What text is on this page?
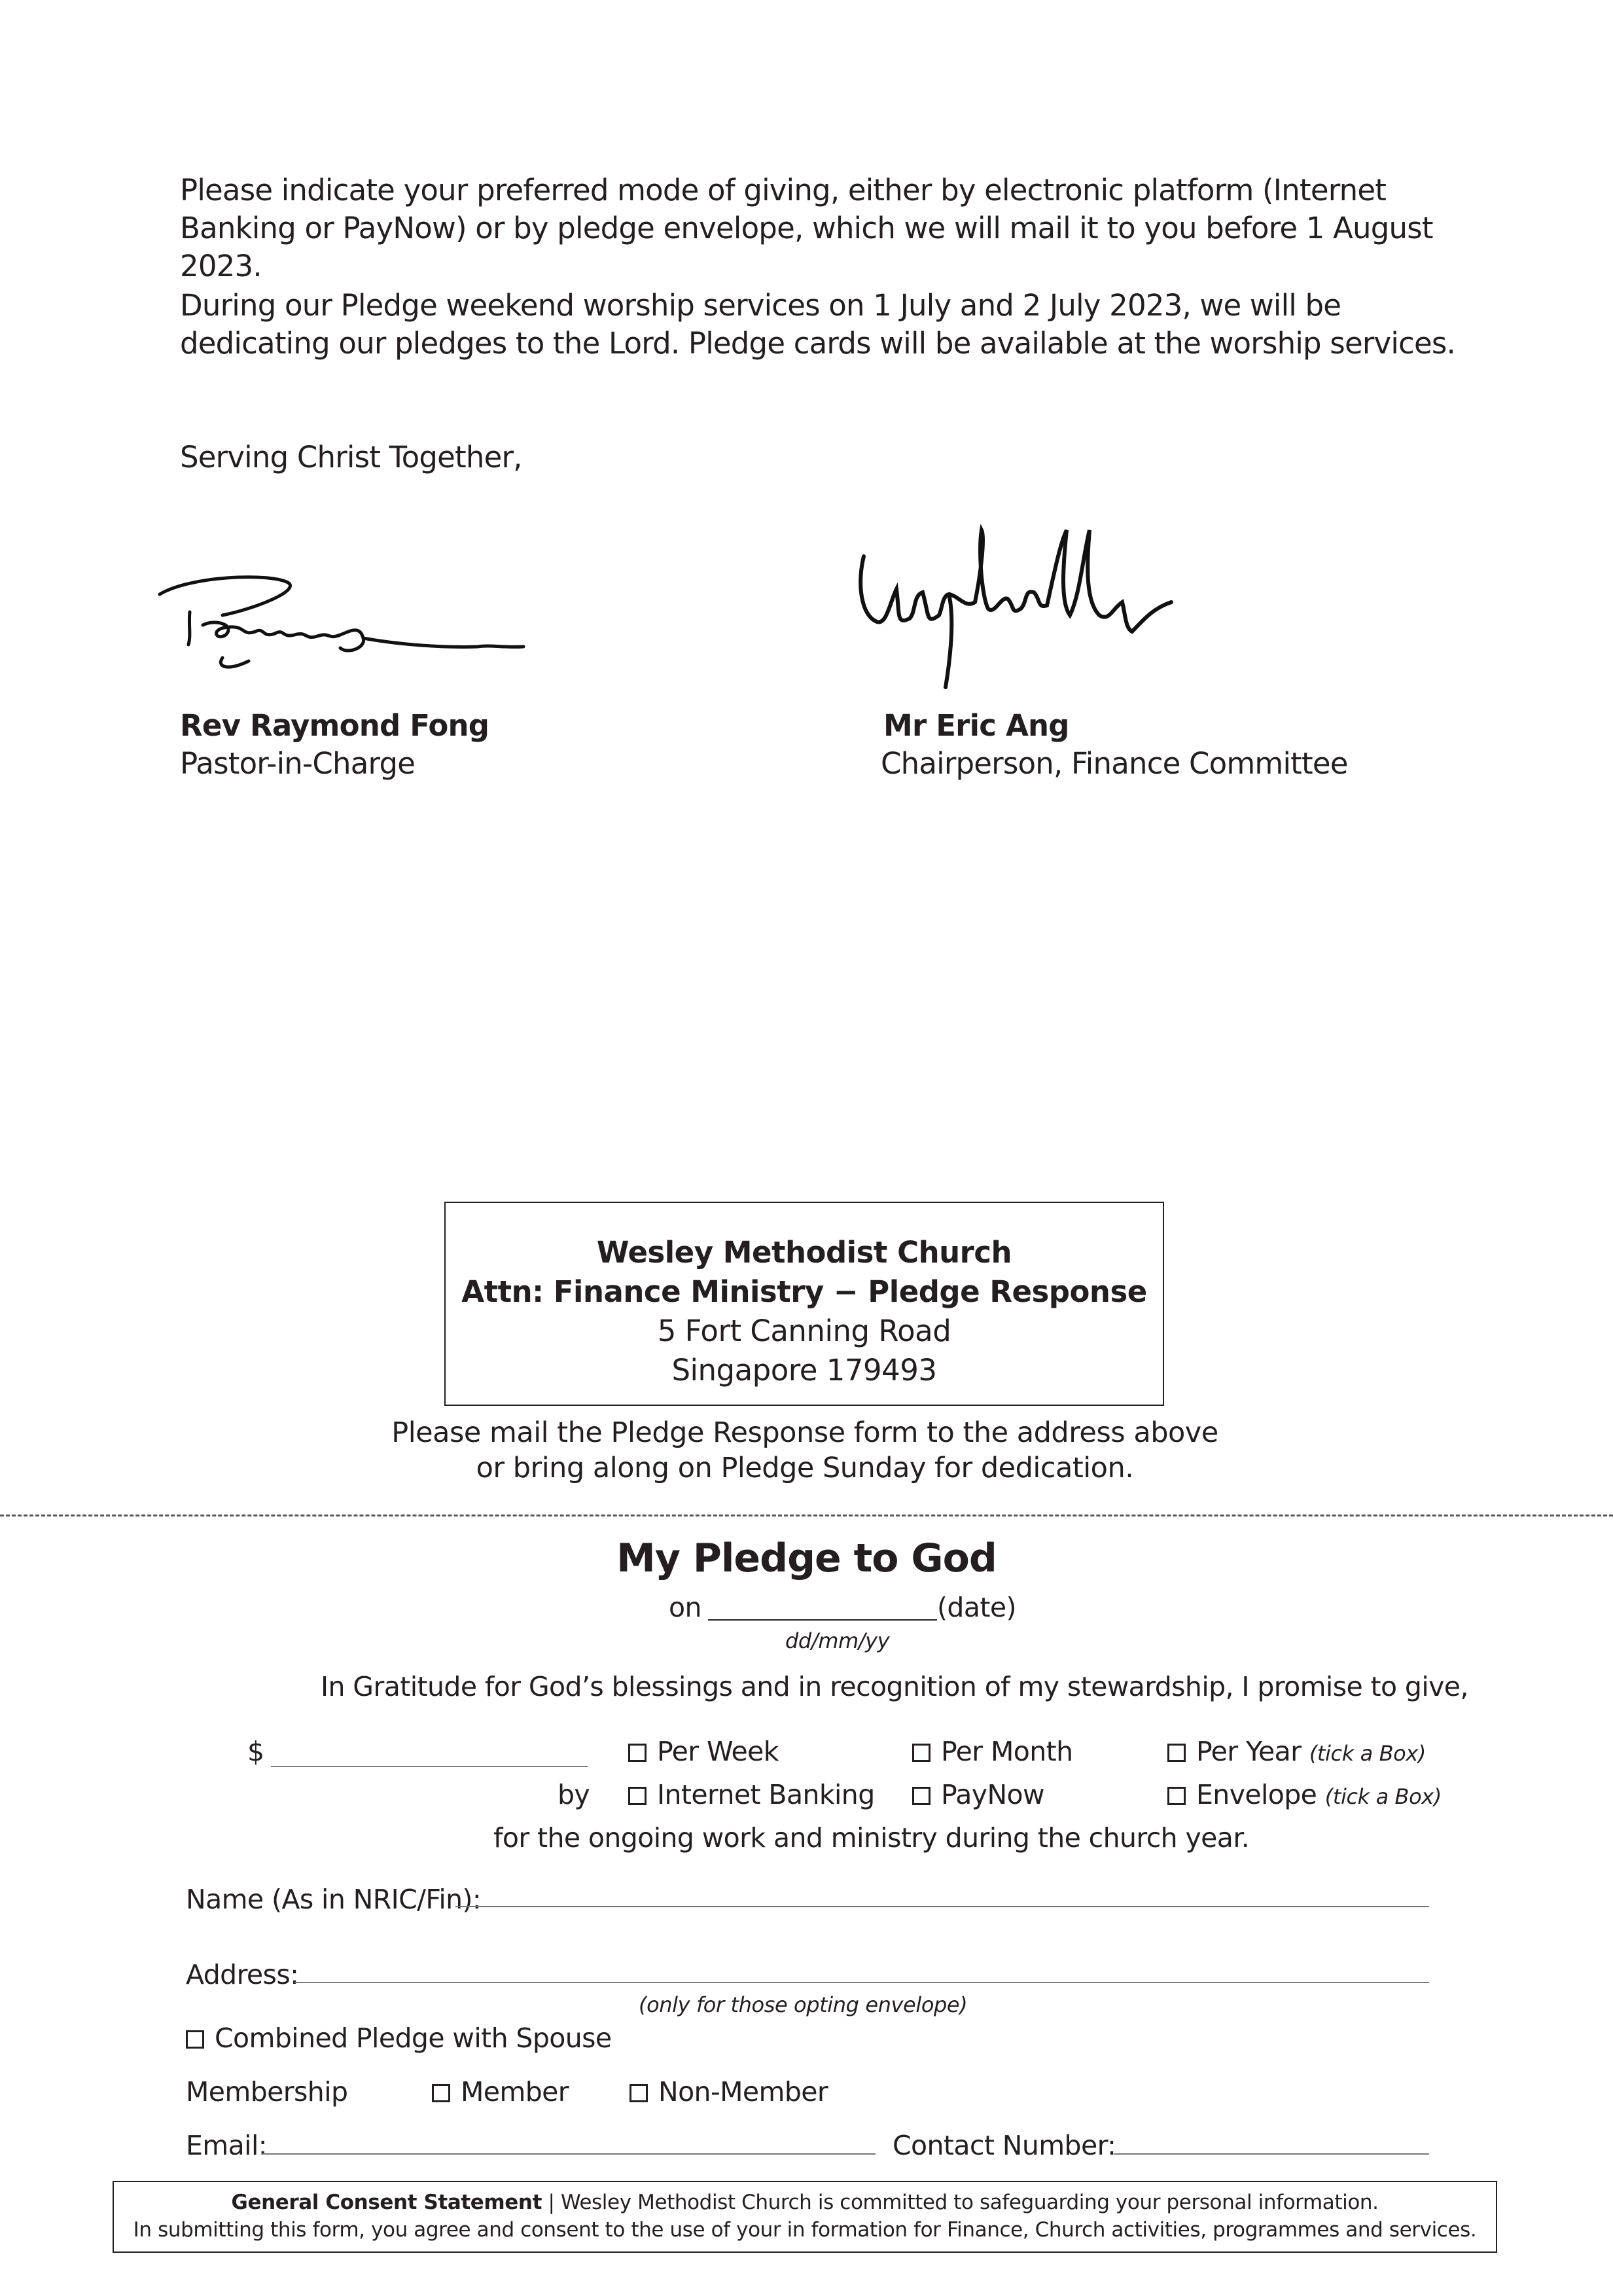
Please indicate your preferred mode of giving, either by electronic platform (Internet Banking or PayNow) or by pledge envelope, which we will mail it to you before 1 August 2023.
During our Pledge weekend worship services on 1 July and 2 July 2023, we will be dedicating our pledges to the Lord. Pledge cards will be available at the worship services.
Serving Christ Together,
Rev Raymond Fong
Pastor-in-Charge
Mr Eric Ang
Chairperson, Finance Committee
Wesley Methodist Church
Attn: Finance Ministry − Pledge Response
5 Fort Canning Road
Singapore 179493
Please mail the Pledge Response form to the address above
or bring along on Pledge Sunday for dedication.
My Pledge to God
on	(date)
dd/mm/yy
In Gratitude for God’s blessings and in recognition of my stewardship, I promise to give,
$	Per Week	Per Month	Per Year (tick a Box)
by	Internet Banking	PayNow	Envelope (tick a Box)
for the ongoing work and ministry during the church year.
Name (As in NRIC/Fin):
Address:
(only for those opting envelope)
Combined Pledge with Spouse
Membership	Member	Non-Member
Email:	Contact Number:
General Consent Statement | Wesley Methodist Church is committed to safeguarding your personal information.
In submitting this form, you agree and consent to the use of your in formation for Finance, Church activities, programmes and services.
